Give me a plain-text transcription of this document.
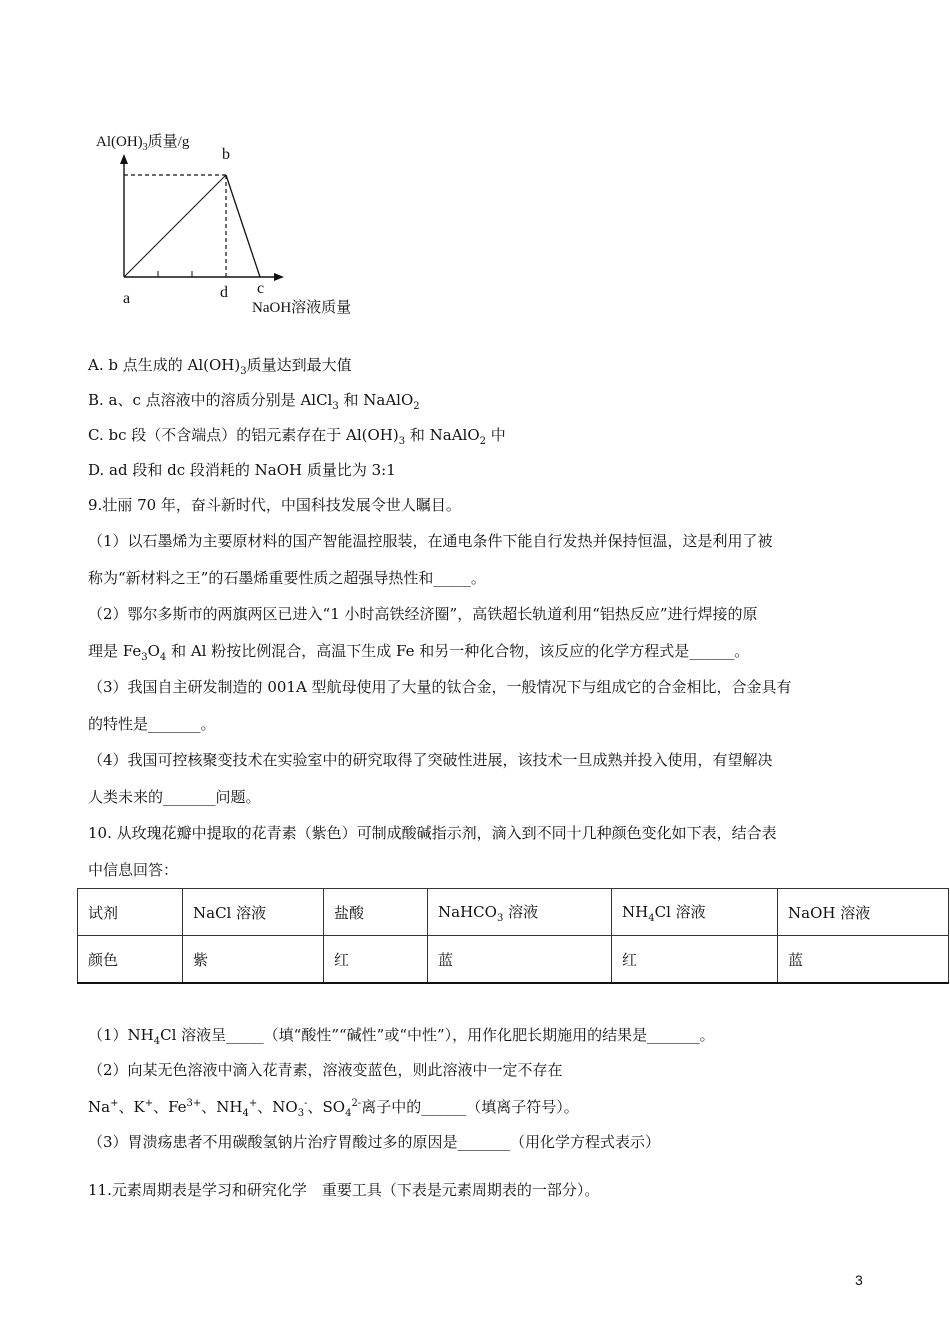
$Al(OH)_3$质量/g
b
a	d c
NaOH溶液质量
A. b 点生成的 $Al(OH)_3$质量达到最大值
B. a、c 点溶液中的溶质分别是 AlCl$_3$ 和 NaAlO$_2$
C. bc 段（不含端点）的铝元素存在于 $Al(OH)_3$ 和 NaAlO$_2$ 中
D. ad 段和 dc 段消耗的 NaOH 质量比为 3:1
9.壮丽 70 年，奋斗新时代，中国科技发展令世人瞩目。
（1）以石墨烯为主要原材料的国产智能温控服装，在通电条件下能自行发热并保持恒温，这是利用了被
称为“新材料之王”的石墨烯重要性质之超强导热性和_____。
（2）鄂尔多斯市的两旗两区已进入“1 小时高铁经济圈”，高铁超长轨道利用“铝热反应”进行焊接的原
理是 $Fe_3O_4$ 和 Al 粉按比例混合，高温下生成 Fe 和另一种化合物，该反应的化学方程式是______。
（3）我国自主研发制造的 001A 型航母使用了大量的钛合金，一般情况下与组成它的合金相比，合金具有
的特性是_______。
（4）我国可控核聚变技术在实验室中的研究取得了突破性进展，该技术一旦成熟并投入使用，有望解决
人类未来的_______问题。
10. 从玫瑰花瓣中提取的花青素（紫色）可制成酸碱指示剂，滴入到不同十几种颜色变化如下表，结合表
中信息回答：
试剂	NaCl 溶液	盐酸	NaHCO$_3$ 溶液	$NH_4Cl$ 溶液	NaOH 溶液
颜色	紫	红	蓝	红	蓝
$(1)NH_4Cl$ 溶液呈_____（填“酸性”“碱性”或“中性”），用作化肥长期施用的结果是_______。
（2）向某无色溶液中滴入花青素，溶液变蓝色，则此溶液中一定不存在
Na+、K+、$Fe^{3+}$、$NH_4^+$、$NO_3^-$、$SO_4^{2-}$离子中的______（填离子符号）。
（3）胃溃疡患者不用碳酸氢钠片治疗胃酸过多的原因是_______（用化学方程式表示）
11.元素周期表是学习和研究化学　重要工具（下表是元素周期表的一部分）。
3
